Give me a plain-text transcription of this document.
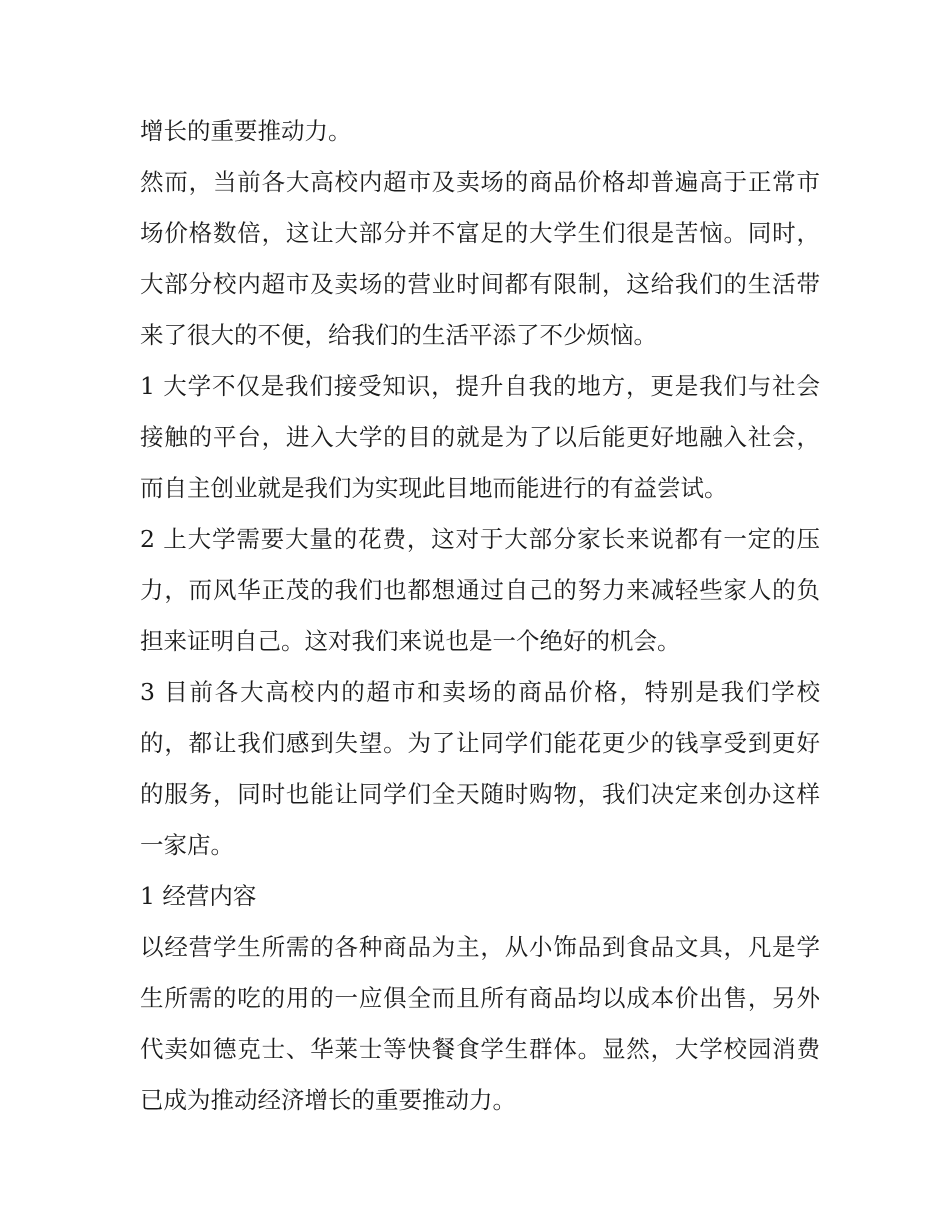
增长的重要推动力。

然而，当前各大高校内超市及卖场的商品价格却普遍高于正常市场价格数倍，这让大部分并不富足的大学生们很是苦恼。同时，大部分校内超市及卖场的营业时间都有限制，这给我们的生活带来了很大的不便，给我们的生活平添了不少烦恼。

1 大学不仅是我们接受知识，提升自我的地方，更是我们与社会接触的平台，进入大学的目的就是为了以后能更好地融入社会，而自主创业就是我们为实现此目地而能进行的有益尝试。

2 上大学需要大量的花费，这对于大部分家长来说都有一定的压力，而风华正茂的我们也都想通过自己的努力来减轻些家人的负担来证明自己。这对我们来说也是一个绝好的机会。

3 目前各大高校内的超市和卖场的商品价格，特别是我们学校的，都让我们感到失望。为了让同学们能花更少的钱享受到更好的服务，同时也能让同学们全天随时购物，我们决定来创办这样一家店。

1 经营内容

以经营学生所需的各种商品为主，从小饰品到食品文具，凡是学生所需的吃的用的一应俱全而且所有商品均以成本价出售，另外代卖如德克士、华莱士等快餐食学生群体。显然，大学校园消费已成为推动经济增长的重要推动力。
